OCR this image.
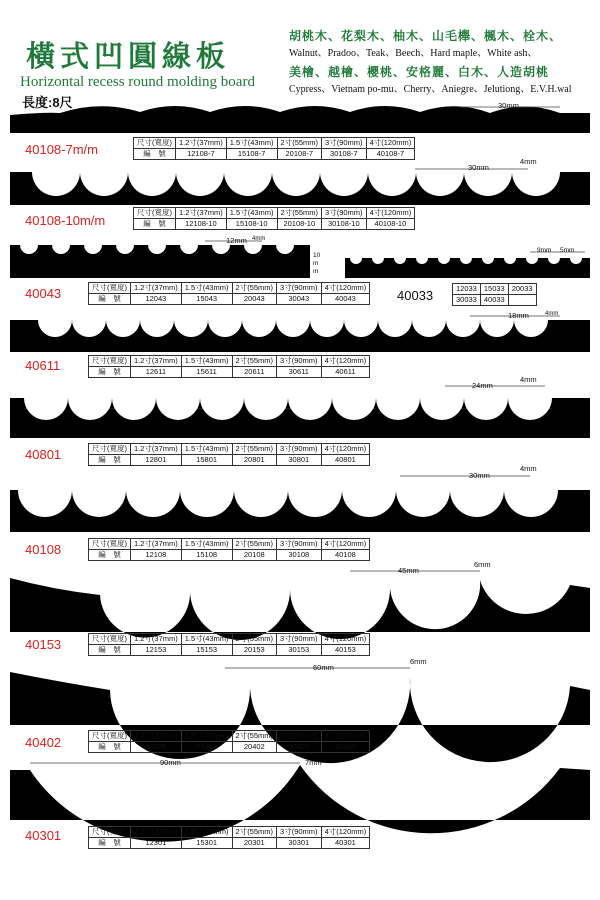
橫式凹圓線板
Horizontal recess round molding board
長度:8尺
胡桃木、花梨木、柚木、山毛櫸、楓木、栓木、
Walnut、Pradoo、Teak、Beech、Hard maple、White ash、
美檜、越檜、櫻桃、安格麗、白木、人造胡桃
Cypress、Vietnam po-mu、Cherry、Aniegre、Jelutiong、E.V.H.wal
30mm
30mm
4mm
12mm 4mm
10 m m
9mm 5mm
18mm	4mm
24mm
4mm
30mm
4mm
45mm
6mm
60mm
6mm
90mm	7mm
40108-7m/m
40108-10m/m
40043
40611
40801
40108
40153
40402
40301
40033
尺寸(寬度)	1.2寸(37mm)	1.5寸(43mm)	2寸(55mm)	3寸(90mm)	4寸(120mm)
編　號	12108-7	15108-7	20108-7	30108-7	40108-7
尺寸(寬度)	1.2寸(37mm)	1.5寸(43mm)	2寸(55mm)	3寸(90mm)	4寸(120mm)
編　號	12108-10	15108-10	20108-10	30108-10	40108-10
尺寸(寬度)	1.2寸(37mm)	1.5寸(43mm)	2寸(55mm)	3寸(90mm)	4寸(120mm)
編　號	12043	15043	20043	30043	40043
尺寸(寬度)	1.2寸(37mm)	1.5寸(43mm)	2寸(55mm)	3寸(90mm)	4寸(120mm)
編　號	12611	15611	20611	30611	40611
尺寸(寬度)	1.2寸(37mm)	1.5寸(43mm)	2寸(55mm)	3寸(90mm)	4寸(120mm)
編　號	12801	15801	20801	30801	40801
尺寸(寬度)	1.2寸(37mm)	1.5寸(43mm)	2寸(55mm)	3寸(90mm)	4寸(120mm)
編　號	12108	15108	20108	30108	40108
尺寸(寬度)	1.2寸(37mm)	1.5寸(43mm)	2寸(55mm)	3寸(90mm)	4寸(120mm)
編　號	12153	15153	20153	30153	40153
尺寸(寬度)	1.2寸(37mm)	1.5寸(43mm)	2寸(55mm)	3寸(90mm)	4寸(120mm)
編　號	12105	15402	20402	30402	40402
尺寸(寬度)	1.2寸(37mm)	1.5寸(43mm)	2寸(55mm)	3寸(90mm)	4寸(120mm)
編　號	12301	15301	20301	30301	40301
12033	15033	20033
30033	40033	
